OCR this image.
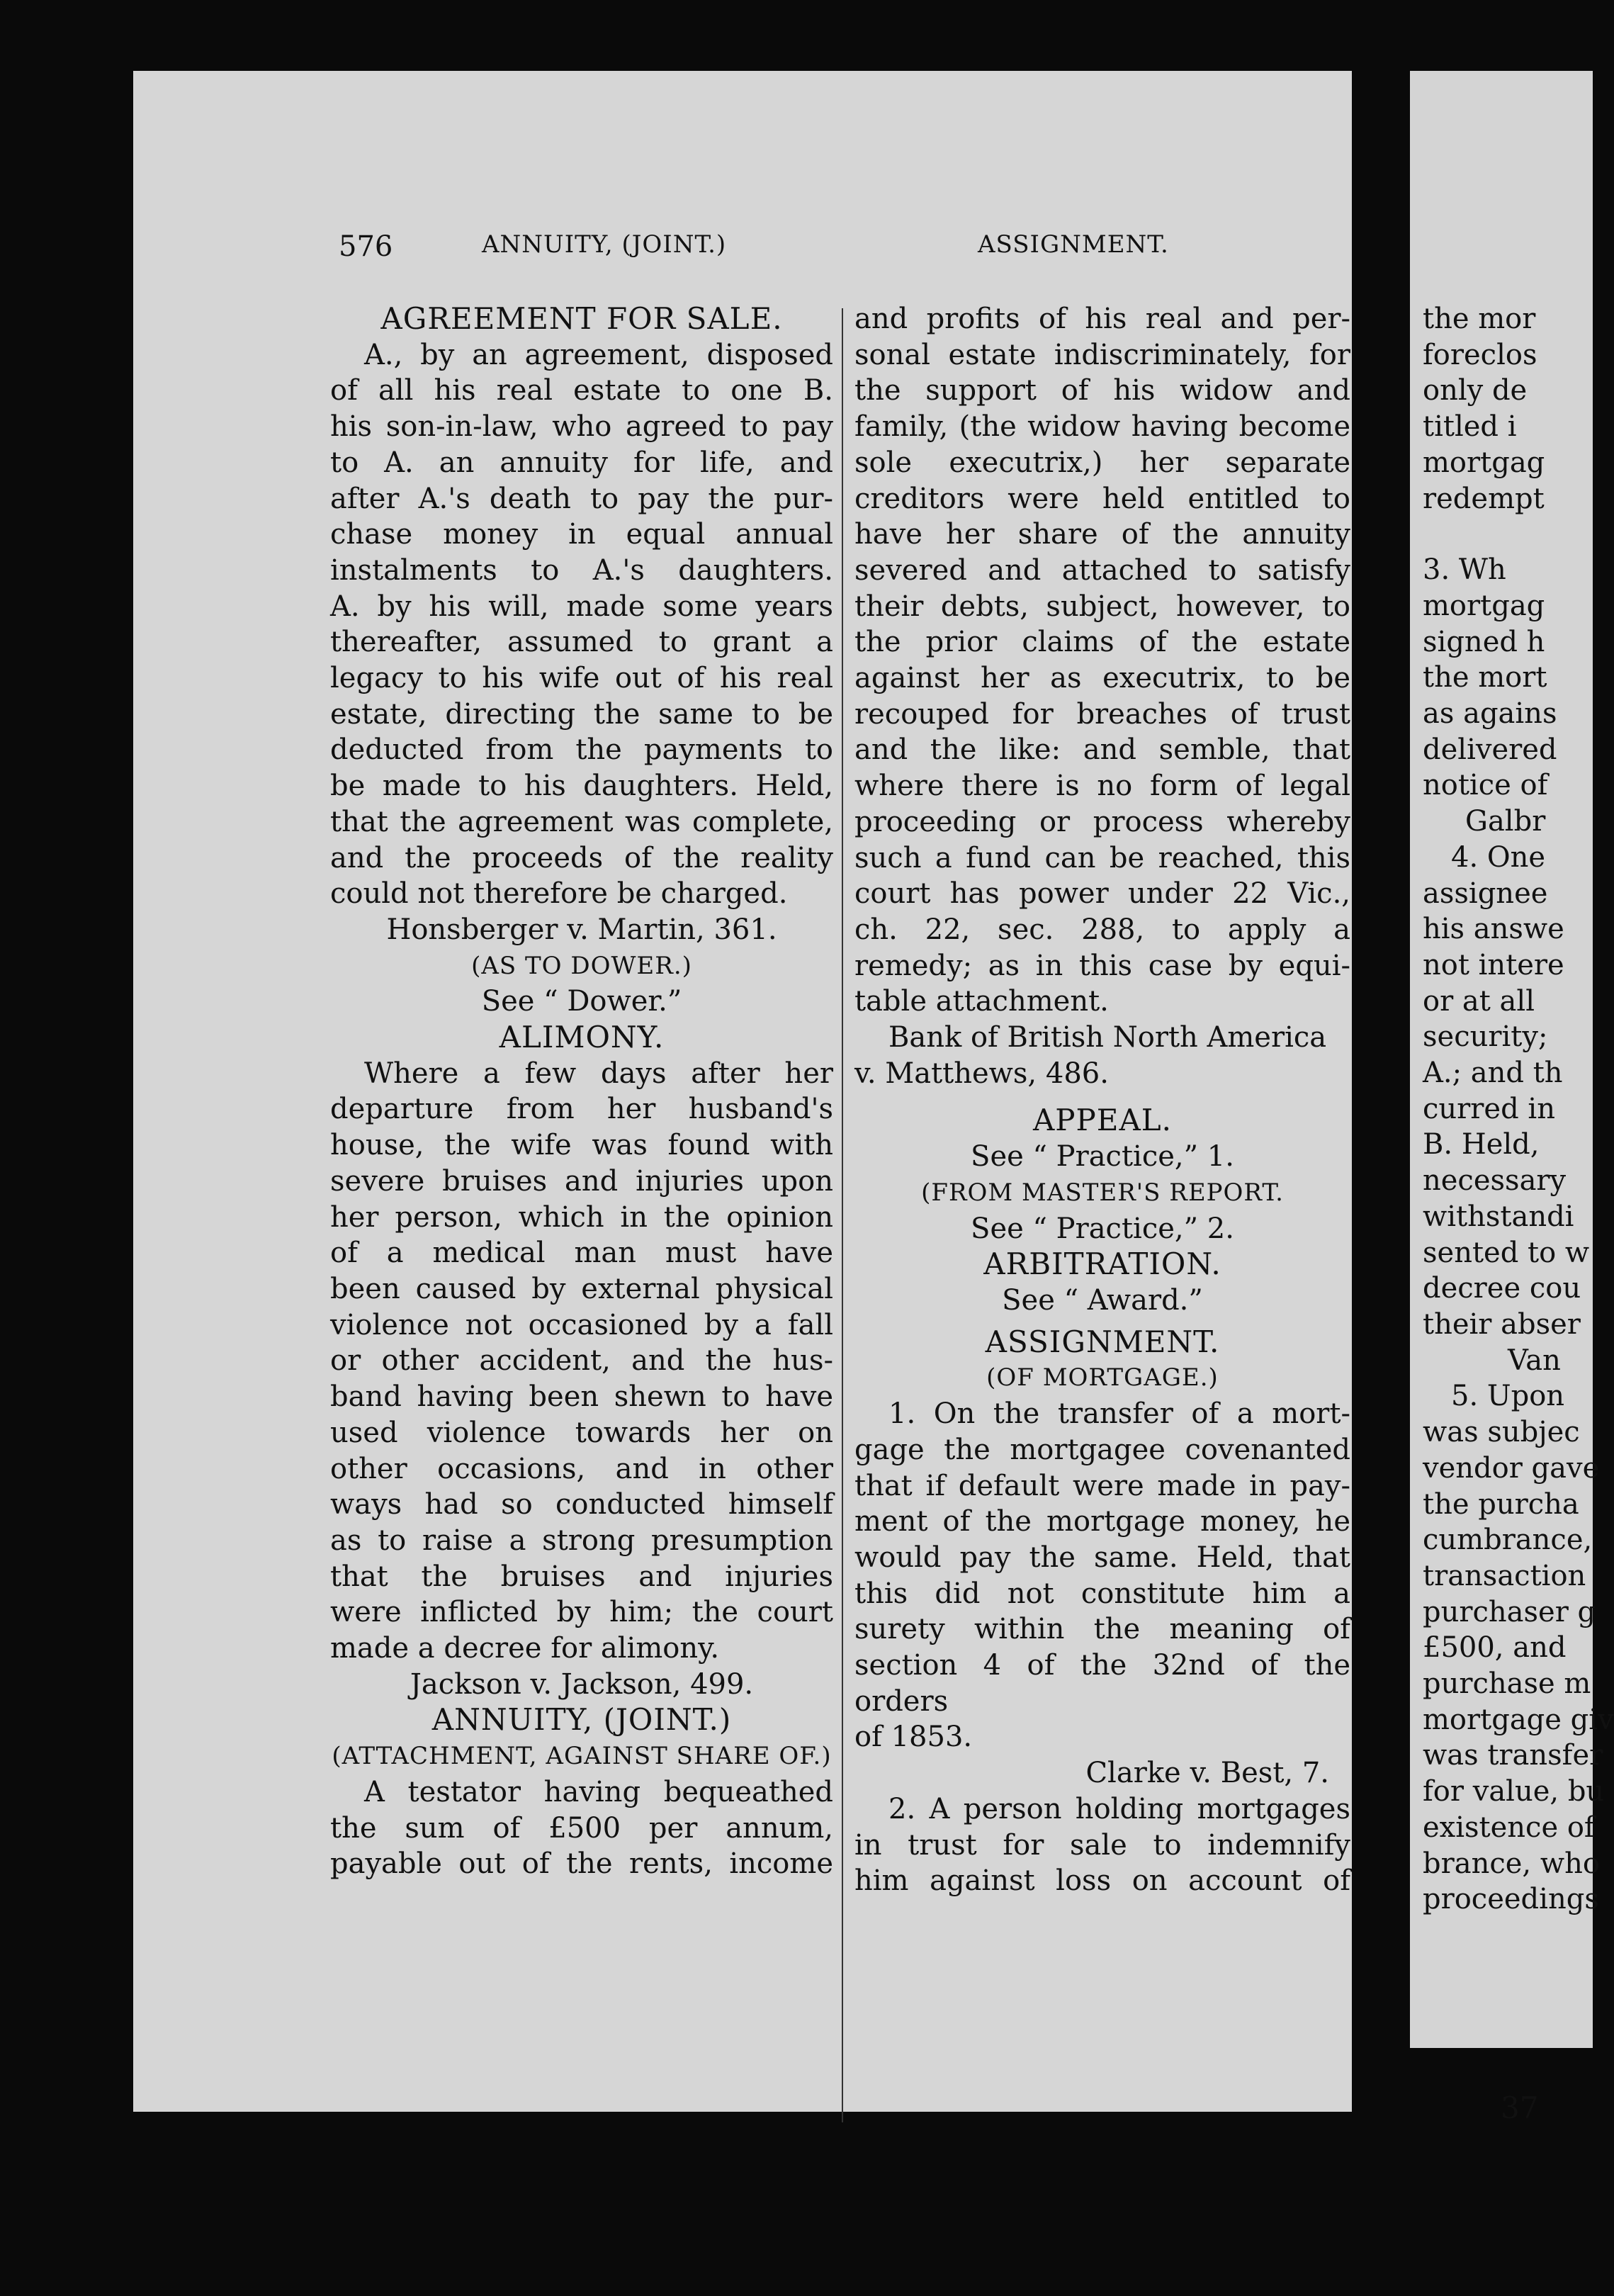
576	ANNUITY, (JOINT.)	ASSIGNMENT.
AGREEMENT FOR SALE.

A., by an agreement, disposed

of all his real estate to one B.

his son-in-law, who agreed to pay

to A. an annuity for life, and

after A.'s death to pay the pur-

chase money in equal annual

instalments to A.'s daughters.

A. by his will, made some years

thereafter, assumed to grant a

legacy to his wife out of his real

estate, directing the same to be

deducted from the payments to

be made to his daughters. Held,

that the agreement was complete,

and the proceeds of the reality

could not therefore be charged.

Honsberger v. Martin, 361.
(AS TO DOWER.)
See “ Dower.”
ALIMONY.

Where a few days after her

departure from her husband's

house, the wife was found with

severe bruises and injuries upon

her person, which in the opinion

of a medical man must have

been caused by external physical

violence not occasioned by a fall

or other accident, and the hus-

band having been shewn to have

used violence towards her on

other occasions, and in other

ways had so conducted himself

as to raise a strong presumption

that the bruises and injuries

were inflicted by him; the court

made a decree for alimony.

Jackson v. Jackson, 499.
ANNUITY, (JOINT.)
(ATTACHMENT, AGAINST SHARE OF.)

A testator having bequeathed

the sum of £500 per annum,

payable out of the rents, income

and profits of his real and per-

sonal estate indiscriminately, for

the support of his widow and

family, (the widow having become

sole executrix,) her separate

creditors were held entitled to

have her share of the annuity

severed and attached to satisfy

their debts, subject, however, to

the prior claims of the estate

against her as executrix, to be

recouped for breaches of trust

and the like: and semble, that

where there is no form of legal

proceeding or process whereby

such a fund can be reached, this

court has power under 22 Vic.,

ch. 22, sec. 288, to apply a

remedy; as in this case by equi-

table attachment.

Bank of British North America

v. Matthews, 486.

APPEAL.
See “ Practice,” 1.
(FROM MASTER'S REPORT.
See “ Practice,” 2.
ARBITRATION.
See “ Award.”
ASSIGNMENT.
(OF MORTGAGE.)

1. On the transfer of a mort-

gage the mortgagee covenanted

that if default were made in pay-

ment of the mortgage money, he

would pay the same. Held, that

this did not constitute him a

surety within the meaning of

section 4 of the 32nd of the orders

of 1853.

Clarke v. Best, 7.

2. A person holding mortgages

in trust for sale to indemnify

him against loss on account of

the mor

foreclos

only de

titled i

mortgag

redempt

3. Wh

mortgag

signed h

the mort

as agains

delivered

notice of

Galbr

4. One

assignee

his answe

not intere

or at all

security;

A.; and th

curred in

B. Held,

necessary

withstandi

sented to w

decree cou

their abser

Van

5. Upon

was subjec

vendor gave

the purcha

cumbrance,

transaction

purchaser g

£500, and

purchase m

mortgage giv

was transfer

for value, bu

existence of

brance, who

proceedings

37
